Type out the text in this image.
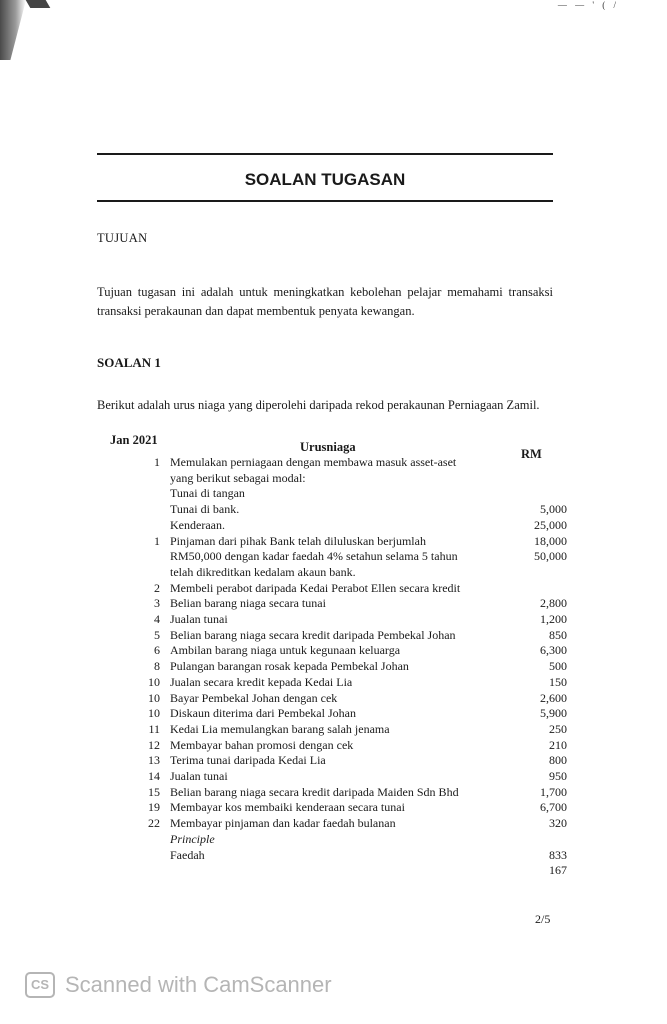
— — ' ( /
SOALAN TUGASAN
TUJUAN
Tujuan tugasan ini adalah untuk meningkatkan kebolehan pelajar memahami transaksi transaksi perakaunan dan dapat membentuk penyata kewangan.
SOALAN 1
Berikut adalah urus niaga yang diperolehi daripada rekod perakaunan Perniagaan Zamil.
Jan 2021	Urusniaga	RM
1 Memulakan perniagaan dengan membawa masuk asset-aset
yang berikut sebagai modal:
Tunai di tangan
Tunai di bank.	5,000
Kenderaan.	25,000
1 Pinjaman dari pihak Bank telah diluluskan berjumlah	18,000
RM50,000 dengan kadar faedah 4% setahun selama 5 tahun	50,000
telah dikreditkan kedalam akaun bank.
2 Membeli perabot daripada Kedai Perabot Ellen secara kredit
3 Belian barang niaga secara tunai	2,800
4 Jualan tunai	1,200
5 Belian barang niaga secara kredit daripada Pembekal Johan	850
6 Ambilan barang niaga untuk kegunaan keluarga	6,300
8 Pulangan barangan rosak kepada Pembekal Johan	500
10 Jualan secara kredit kepada Kedai Lia	150
10 Bayar Pembekal Johan dengan cek	2,600
10 Diskaun diterima dari Pembekal Johan	5,900
11 Kedai Lia memulangkan barang salah jenama	250
12 Membayar bahan promosi dengan cek	210
13 Terima tunai daripada Kedai Lia	800
14 Jualan tunai	950
15 Belian barang niaga secara kredit daripada Maiden Sdn Bhd	1,700
19 Membayar kos membaiki kenderaan secara tunai	6,700
22 Membayar pinjaman dan kadar faedah bulanan	320
Principle
Faedah	833
167
2/5
CS Scanned with CamScanner
